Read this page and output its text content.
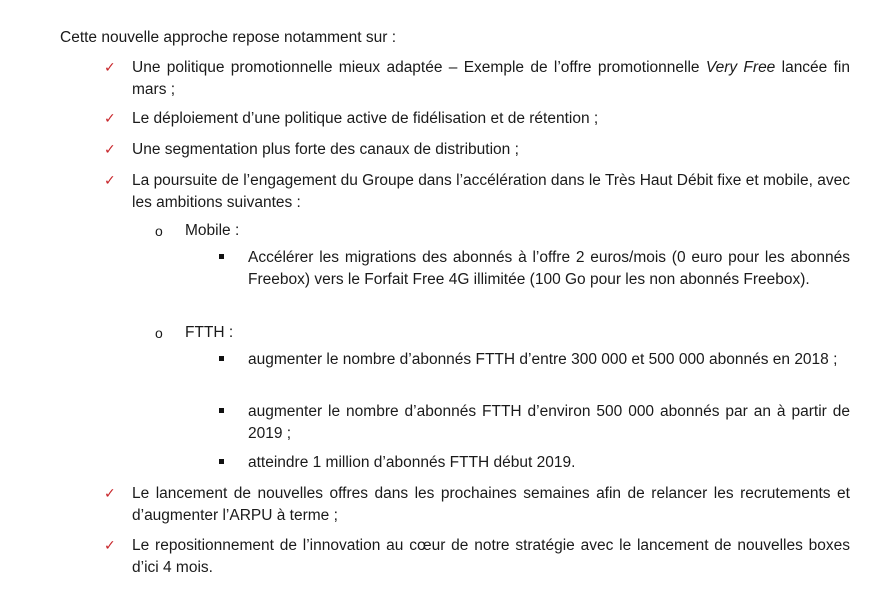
Cette nouvelle approche repose notamment sur :
✓ Une politique promotionnelle mieux adaptée – Exemple de l’offre promotionnelle Very Free lancée fin mars ;
✓ Le déploiement d’une politique active de fidélisation et de rétention ;
✓ Une segmentation plus forte des canaux de distribution ;
✓ La poursuite de l’engagement du Groupe dans l’accélération dans le Très Haut Débit fixe et mobile, avec les ambitions suivantes :
o Mobile :
Accélérer les migrations des abonnés à l’offre 2 euros/mois (0 euro pour les abonnés Freebox) vers le Forfait Free 4G illimitée (100 Go pour les non abonnés Freebox).
o FTTH :
augmenter le nombre d’abonnés FTTH d’entre 300 000 et 500 000 abonnés en 2018 ;
augmenter le nombre d’abonnés FTTH d’environ 500 000 abonnés par an à partir de 2019 ;
atteindre 1 million d’abonnés FTTH début 2019.
✓ Le lancement de nouvelles offres dans les prochaines semaines afin de relancer les recrutements et d’augmenter l’ARPU à terme ;
✓ Le repositionnement de l’innovation au cœur de notre stratégie avec le lancement de nouvelles boxes d’ici 4 mois.
